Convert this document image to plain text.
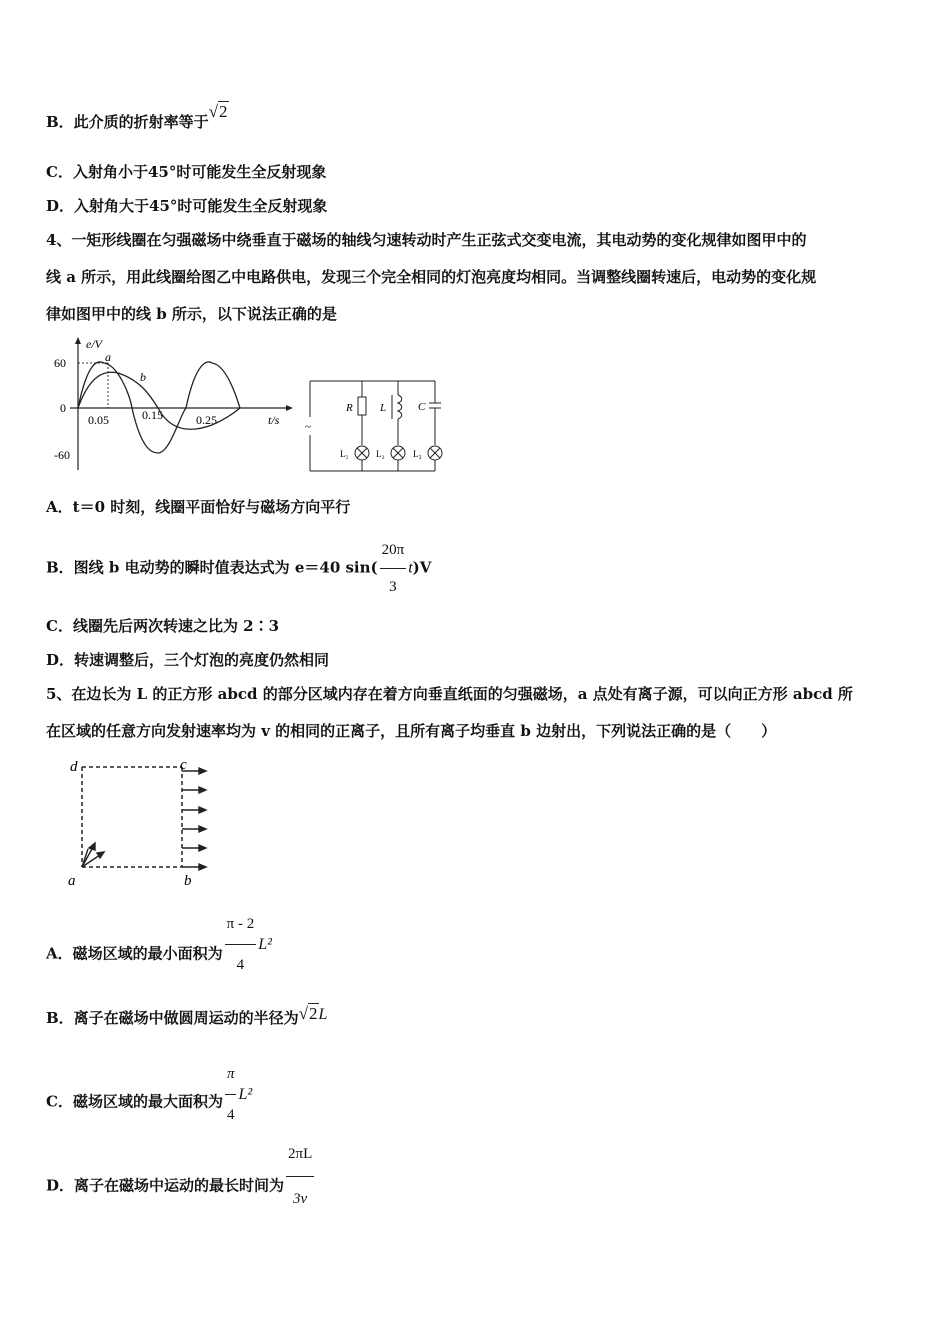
B．此介质的折射率等于√2
C．入射角小于45°时可能发生全反射现象
D．入射角大于45°时可能发生全反射现象
4、一矩形线圈在匀强磁场中绕垂直于磁场的轴线匀速转动时产生正弦式交变电流，其电动势的变化规律如图甲中的
线 a 所示，用此线圈给图乙中电路供电，发现三个完全相同的灯泡亮度均相同。当调整线圈转速后，电动势的变化规
律如图甲中的线 b 所示，以下说法正确的是
e/V
t/s
60
0
-60
0.05	0.15	0.25
a
b
~
R L	C
L₁	L₂	L₃
A．t＝0 时刻，线圈平面恰好与磁场方向平行
B．图线 b 电动势的瞬时值表达式为 e＝40 $\sin( \frac{20\pi}{3} t)V$
C．线圈先后两次转速之比为 2∶3
D．转速调整后，三个灯泡的亮度仍然相同
5、在边长为 L 的正方形 abcd 的部分区域内存在着方向垂直纸面的匀强磁场，a 点处有离子源，可以向正方形 abcd 所
在区域的任意方向发射速率均为 v 的相同的正离子，且所有离子均垂直 b 边射出，下列说法正确的是（　　）
d	c
a	b
A．磁场区域的最小面积为 $\frac{\pi - 2}{4} L^2$
B．离子在磁场中做圆周运动的半径为√2L
C．磁场区域的最大面积为 $\frac{\pi}{4} L^2$
D．离子在磁场中运动的最长时间为 $\frac{2\pi L}{3v}$
